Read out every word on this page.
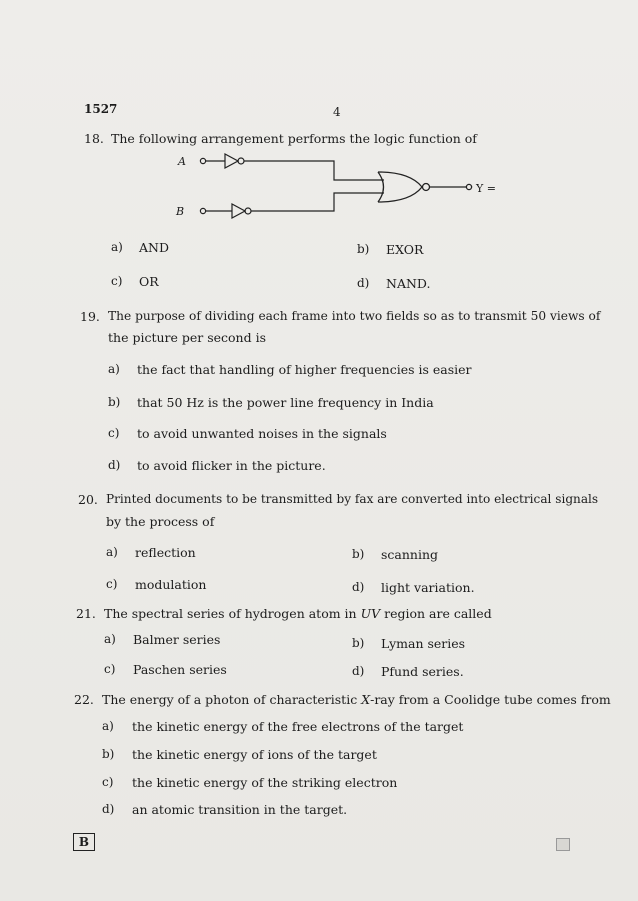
1527	4
18. The following arrangement performs the logic function of
A
B
Y =
a) AND	b) EXOR
c) OR	d) NAND.
19. The purpose of dividing each frame into two fields so as to transmit 50 views of
the picture per second is
a) the fact that handling of higher frequencies is easier
b) that 50 Hz is the power line frequency in India
c) to avoid unwanted noises in the signals
d) to avoid flicker in the picture.
20. Printed documents to be transmitted by fax are converted into electrical signals
by the process of
a) reflection	b) scanning
c) modulation	d) light variation.
21. The spectral series of hydrogen atom in UV region are called
a) Balmer series	b) Lyman series
c) Paschen series	d) Pfund series.
22. The energy of a photon of characteristic X-ray from a Coolidge tube comes from
a) the kinetic energy of the free electrons of the target
b) the kinetic energy of ions of the target
c) the kinetic energy of the striking electron
d) an atomic transition in the target.
B
